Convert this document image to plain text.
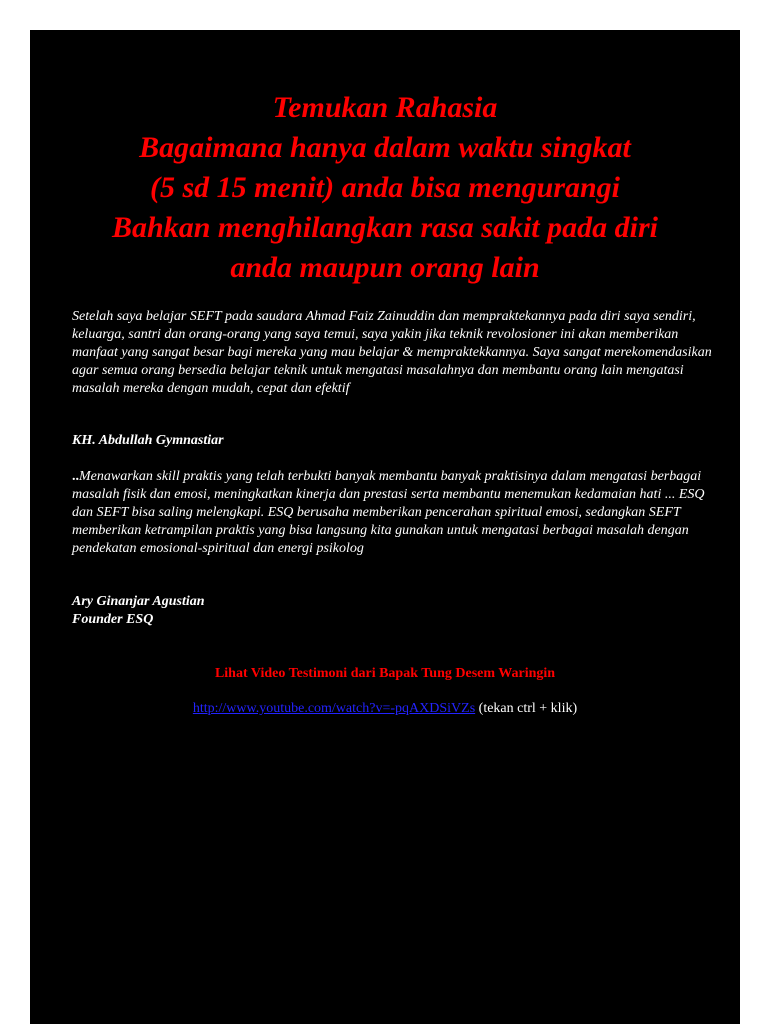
Temukan Rahasia
Bagaimana hanya dalam waktu singkat
(5 sd 15 menit) anda bisa mengurangi
Bahkan menghilangkan rasa sakit pada diri
anda maupun orang lain
Setelah saya belajar SEFT pada saudara Ahmad Faiz Zainuddin dan mempraktekannya pada diri saya sendiri, keluarga, santri dan orang-orang yang saya temui, saya yakin jika teknik revolosioner ini akan memberikan manfaat yang sangat besar bagi mereka yang mau belajar & mempraktekkannya. Saya sangat merekomendasikan agar semua orang bersedia belajar teknik untuk mengatasi masalahnya dan membantu orang lain mengatasi masalah mereka dengan mudah, cepat dan efektif
KH. Abdullah Gymnastiar
..Menawarkan skill praktis yang telah terbukti banyak membantu banyak praktisinya dalam mengatasi berbagai masalah fisik dan emosi, meningkatkan kinerja dan prestasi serta membantu menemukan kedamaian hati ... ESQ dan SEFT bisa saling melengkapi. ESQ berusaha memberikan pencerahan spiritual emosi, sedangkan SEFT memberikan ketrampilan praktis yang bisa langsung kita gunakan untuk mengatasi berbagai masalah dengan pendekatan emosional-spiritual dan energi psikolog
Ary Ginanjar Agustian
Founder ESQ
Lihat Video Testimoni dari Bapak Tung Desem Waringin
http://www.youtube.com/watch?v=-pqAXDSiVZs (tekan ctrl + klik)
